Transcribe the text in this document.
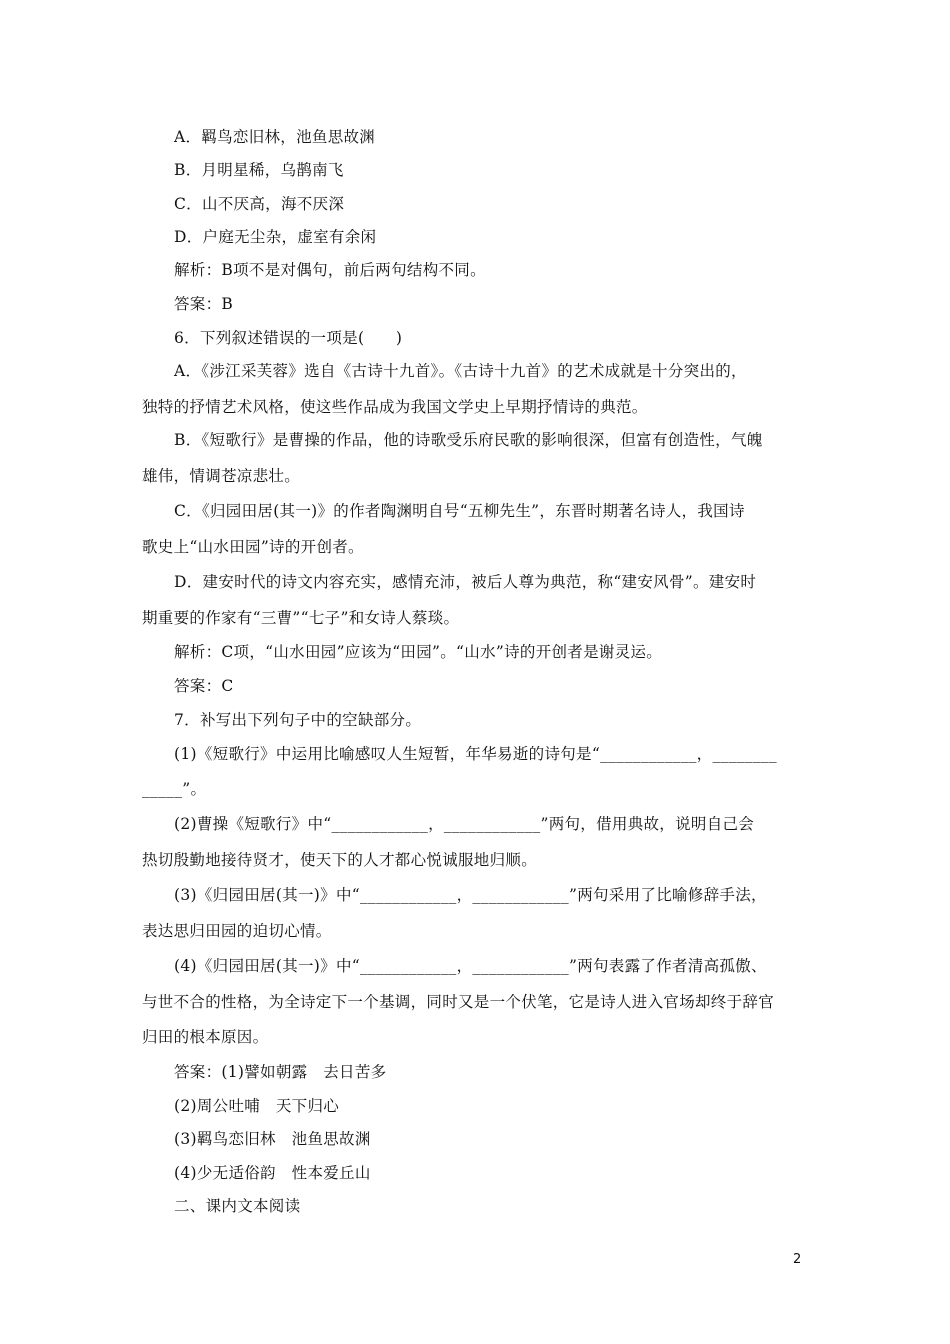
A．羁鸟恋旧林，池鱼思故渊
B．月明星稀，乌鹊南飞
C．山不厌高，海不厌深
D．户庭无尘杂，虚室有余闲
解析：B项不是对偶句，前后两句结构不同。
答案：B
6．下列叙述错误的一项是(　　)
A．《涉江采芙蓉》选自《古诗十九首》。《古诗十九首》的艺术成就是十分突出的，
独特的抒情艺术风格，使这些作品成为我国文学史上早期抒情诗的典范。
B．《短歌行》是曹操的作品，他的诗歌受乐府民歌的影响很深，但富有创造性，气魄
雄伟，情调苍凉悲壮。
C．《归园田居(其一)》的作者陶渊明自号“五柳先生”，东晋时期著名诗人，我国诗
歌史上“山水田园”诗的开创者。
D．建安时代的诗文内容充实，感情充沛，被后人尊为典范，称“建安风骨”。建安时
期重要的作家有“三曹”“七子”和女诗人蔡琰。
解析：C项，“山水田园”应该为“田园”。“山水”诗的开创者是谢灵运。
答案：C
7．补写出下列句子中的空缺部分。
(1)《短歌行》中运用比喻感叹人生短暂，年华易逝的诗句是“____________，________
_____”。
(2)曹操《短歌行》中“____________，____________”两句，借用典故，说明自己会
热切殷勤地接待贤才，使天下的人才都心悦诚服地归顺。
(3)《归园田居(其一)》中“____________，____________”两句采用了比喻修辞手法，
表达思归田园的迫切心情。
(4)《归园田居(其一)》中“____________，____________”两句表露了作者清高孤傲、
与世不合的性格，为全诗定下一个基调，同时又是一个伏笔，它是诗人进入官场却终于辞官
归田的根本原因。
答案：(1)譬如朝露　去日苦多
(2)周公吐哺　天下归心
(3)羁鸟恋旧林　池鱼思故渊
(4)少无适俗韵　性本爱丘山
二、课内文本阅读
2
